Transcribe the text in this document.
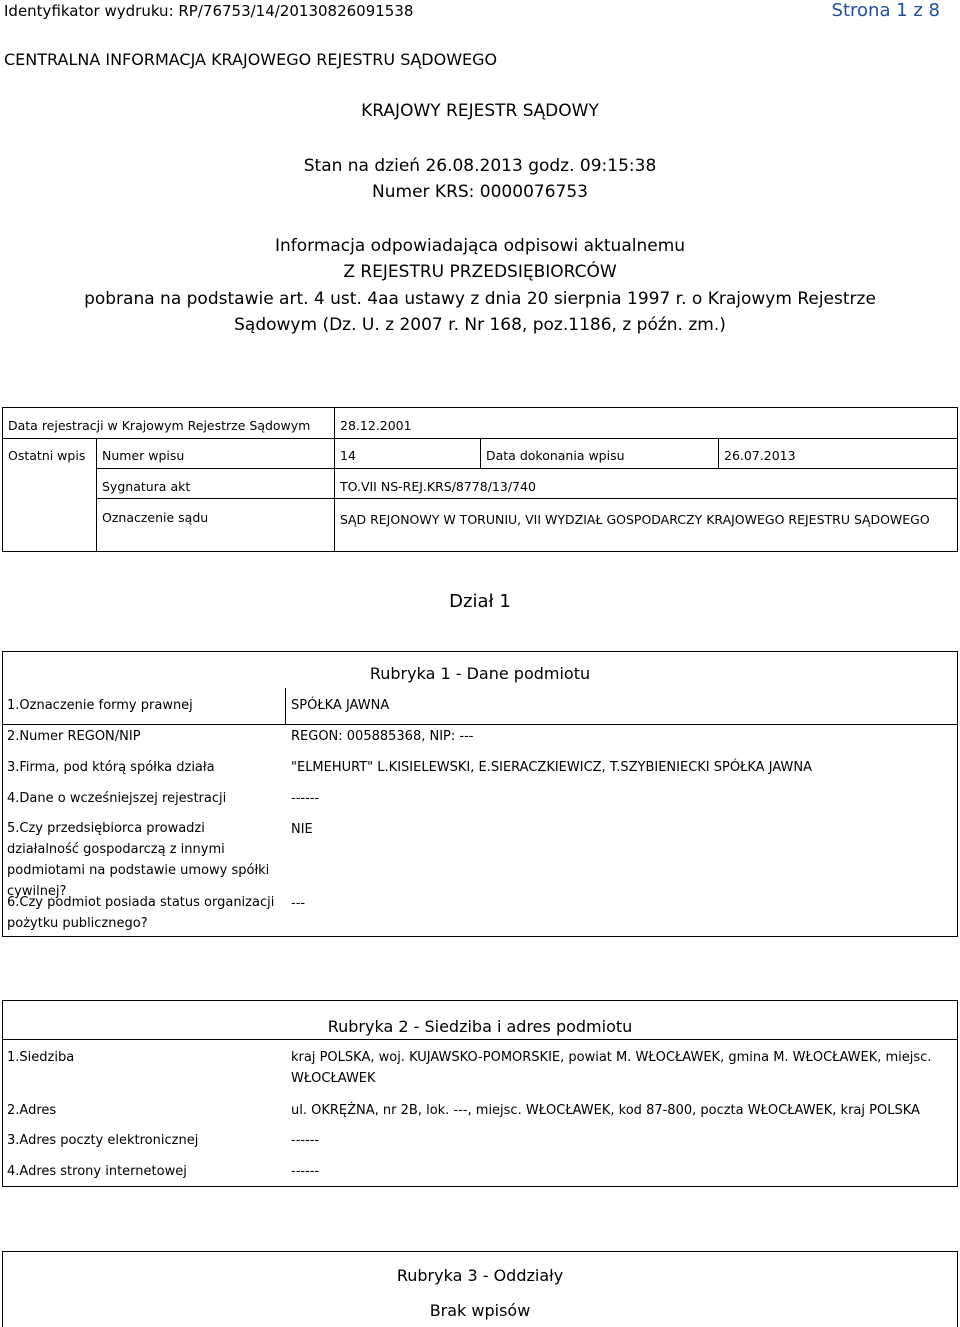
Identyfikator wydruku: RP/76753/14/20130826091538	Strona 1 z 8
CENTRALNA INFORMACJA KRAJOWEGO REJESTRU SĄDOWEGO
KRAJOWY REJESTR SĄDOWY
Stan na dzień 26.08.2013 godz. 09:15:38
Numer KRS: 0000076753
Informacja odpowiadająca odpisowi aktualnemu
Z REJESTRU PRZEDSIĘBIORCÓW
pobrana na podstawie art. 4 ust. 4aa ustawy z dnia 20 sierpnia 1997 r. o Krajowym Rejestrze
Sądowym (Dz. U. z 2007 r. Nr 168, poz.1186, z późn. zm.)
Data rejestracji w Krajowym Rejestrze Sądowym 28.12.2001
Ostatni wpis Numer wpisu	14	Data dokonania wpisu	26.07.2013
Sygnatura akt	TO.VII NS-REJ.KRS/8778/13/740
Oznaczenie sądu	SĄD REJONOWY W TORUNIU, VII WYDZIAŁ GOSPODARCZY KRAJOWEGO REJESTRU SĄDOWEGO
Dział 1
Rubryka 1 - Dane podmiotu
1.Oznaczenie formy prawnej	SPÓŁKA JAWNA
2.Numer REGON/NIP	REGON: 005885368, NIP: ---
3.Firma, pod którą spółka działa	"ELMEHURT" L.KISIELEWSKI, E.SIERACZKIEWICZ, T.SZYBIENIECKI SPÓŁKA JAWNA
4.Dane o wcześniejszej rejestracji	------
5.Czy przedsiębiorca prowadzi działalność gospodarczą z innymi podmiotami na podstawie umowy spółki cywilnej?
NIE
6.Czy podmiot posiada status organizacji pożytku publicznego?
---
Rubryka 2 - Siedziba i adres podmiotu
1.Siedziba	kraj POLSKA, woj. KUJAWSKO-POMORSKIE, powiat M. WŁOCŁAWEK, gmina M. WŁOCŁAWEK, miejsc. WŁOCŁAWEK
2.Adres	ul. OKRĘŻNA, nr 2B, lok. ---, miejsc. WŁOCŁAWEK, kod 87-800, poczta WŁOCŁAWEK, kraj POLSKA
3.Adres poczty elektronicznej	------
4.Adres strony internetowej	------
Rubryka 3 - Oddziały
Brak wpisów
